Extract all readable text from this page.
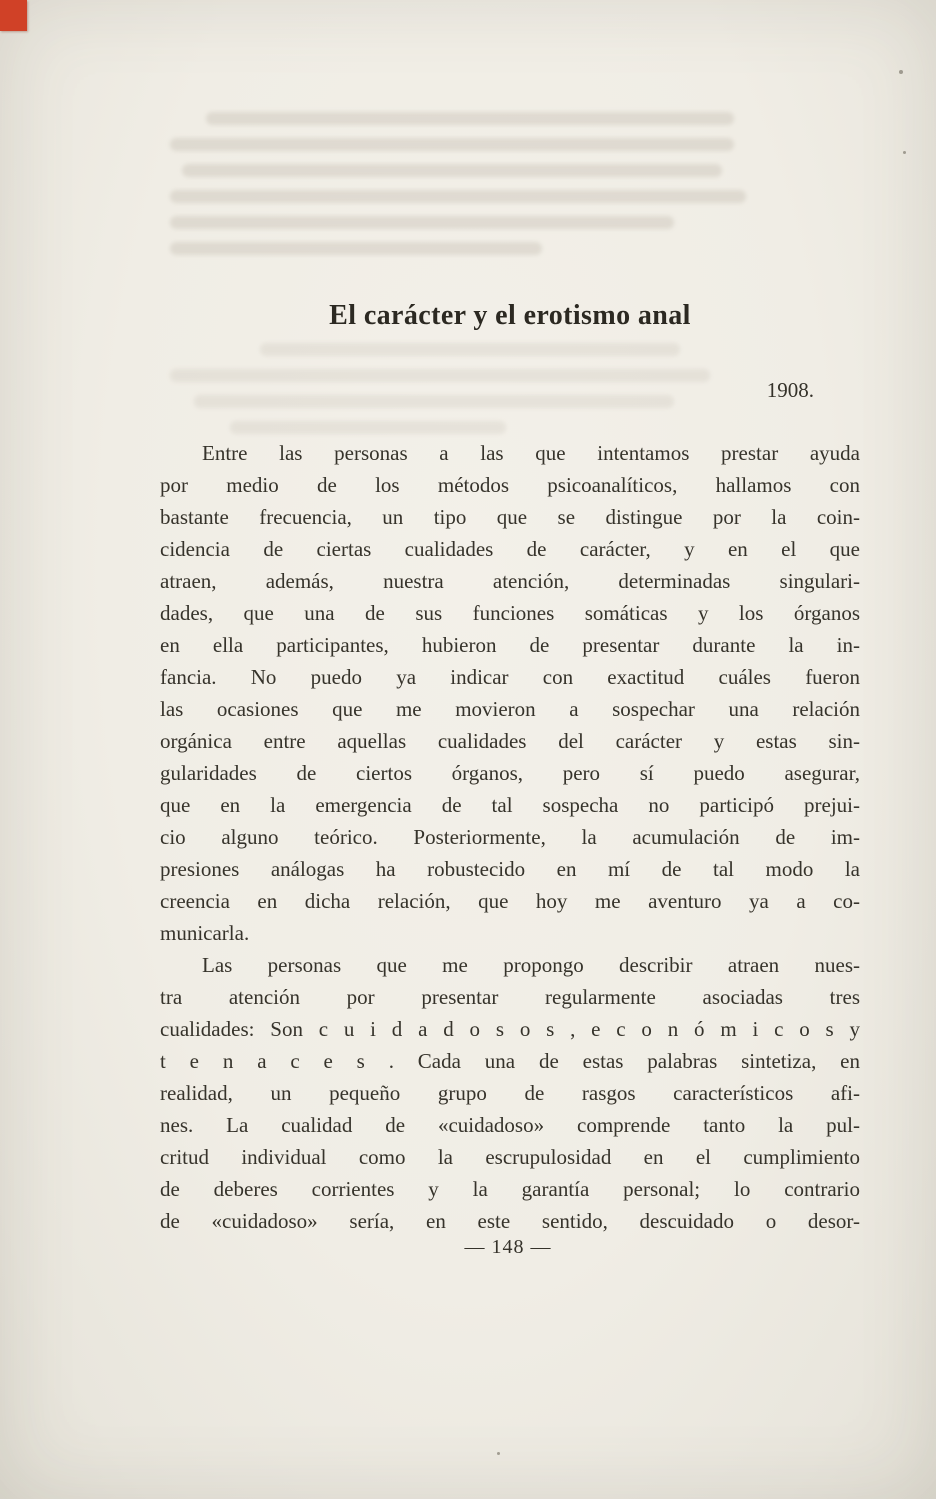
El carácter y el erotismo anal
1908.
Entre las personas a las que intentamos prestar ayuda
por medio de los métodos psicoanalíticos, hallamos con
bastante frecuencia, un tipo que se distingue por la coin-
cidencia de ciertas cualidades de carácter, y en el que
atraen, además, nuestra atención, determinadas singulari-
dades, que una de sus funciones somáticas y los órganos
en ella participantes, hubieron de presentar durante la in-
fancia. No puedo ya indicar con exactitud cuáles fueron
las ocasiones que me movieron a sospechar una relación
orgánica entre aquellas cualidades del carácter y estas sin-
gularidades de ciertos órganos, pero sí puedo asegurar,
que en la emergencia de tal sospecha no participó prejui-
cio alguno teórico. Posteriormente, la acumulación de im-
presiones análogas ha robustecido en mí de tal modo la
creencia en dicha relación, que hoy me aventuro ya a co-
municarla.
Las personas que me propongo describir atraen nues-
tra atención por presentar regularmente asociadas tres
cualidades: Son c u i d a d o s o s , e c o n ó m i c o s y
t e n a c e s . Cada una de estas palabras sintetiza, en
realidad, un pequeño grupo de rasgos característicos afi-
nes. La cualidad de «cuidadoso» comprende tanto la pul-
critud individual como la escrupulosidad en el cumplimiento
de deberes corrientes y la garantía personal; lo contrario
de «cuidadoso» sería, en este sentido, descuidado o desor-
— 148 —
